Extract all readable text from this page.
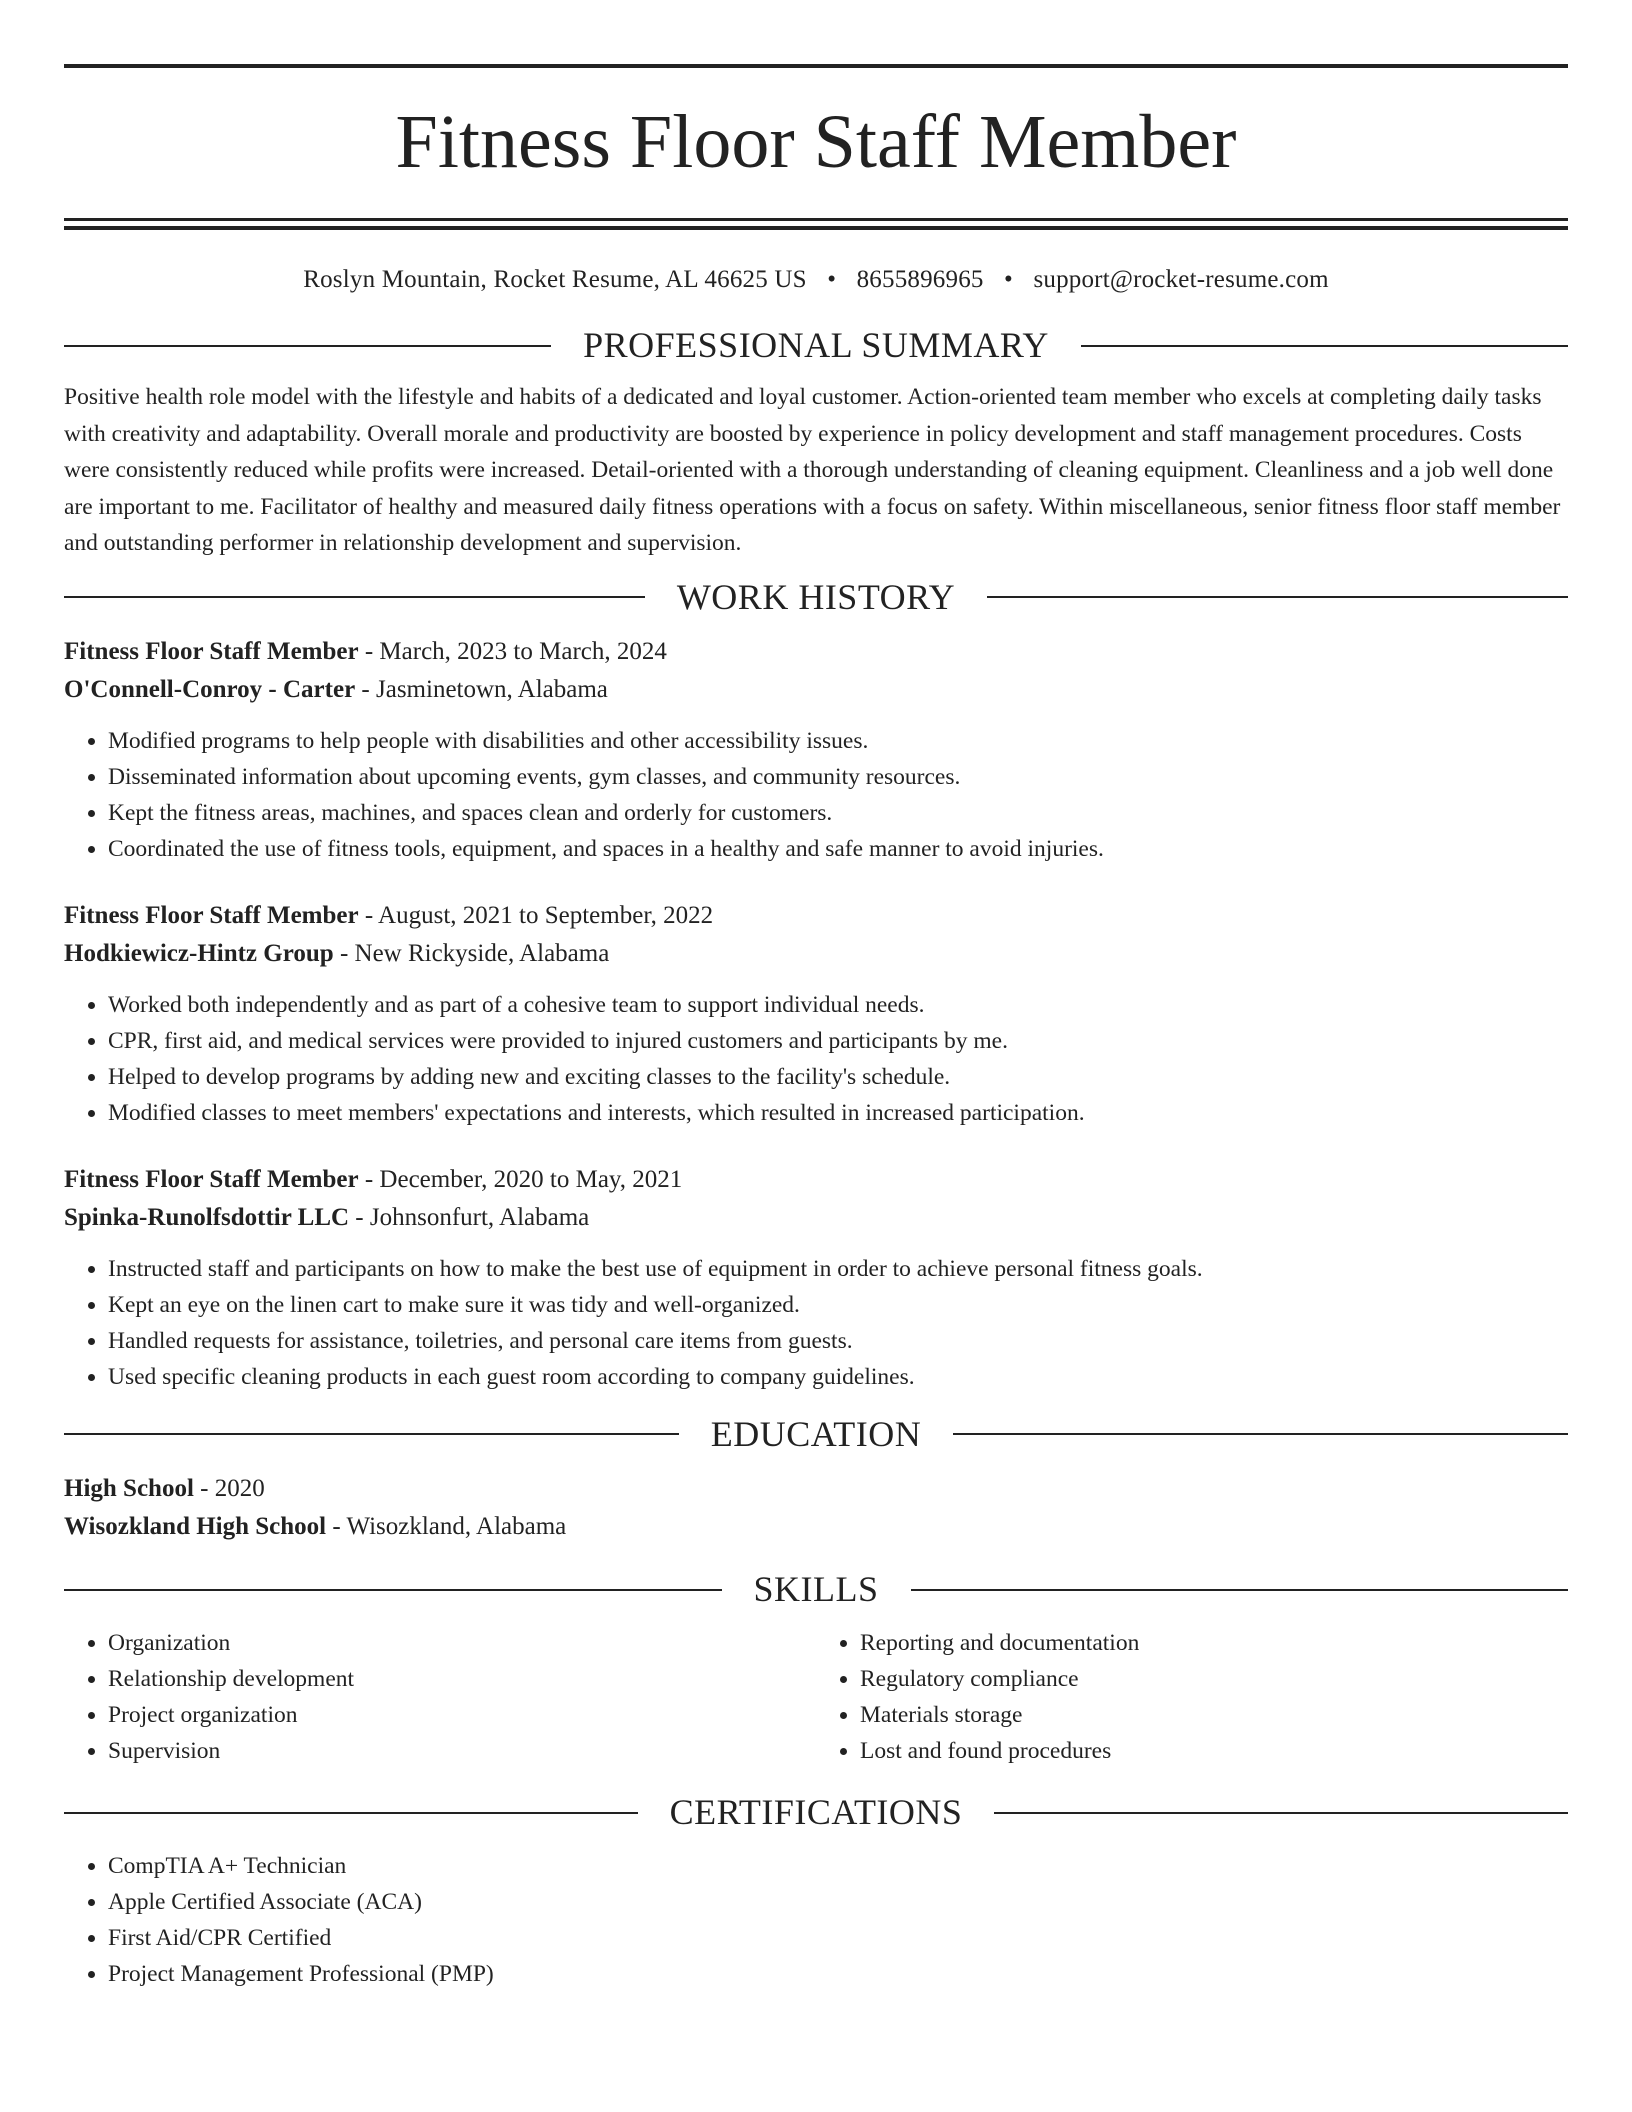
Fitness Floor Staff Member
Roslyn Mountain, Rocket Resume, AL 46625 US • 8655896965 • support@rocket-resume.com
PROFESSIONAL SUMMARY

Positive health role model with the lifestyle and habits of a dedicated and loyal customer. Action-oriented team member who excels at completing daily tasks with creativity and adaptability. Overall morale and productivity are boosted by experience in policy development and staff management procedures. Costs were consistently reduced while profits were increased. Detail-oriented with a thorough understanding of cleaning equipment. Cleanliness and a job well done are important to me. Facilitator of healthy and measured daily fitness operations with a focus on safety. Within miscellaneous, senior fitness floor staff member and outstanding performer in relationship development and supervision.

WORK HISTORY
Fitness Floor Staff Member - March, 2023 to March, 2024
O'Connell-Conroy - Carter - Jasminetown, Alabama
• Modified programs to help people with disabilities and other accessibility issues.
• Disseminated information about upcoming events, gym classes, and community resources.
• Kept the fitness areas, machines, and spaces clean and orderly for customers.
• Coordinated the use of fitness tools, equipment, and spaces in a healthy and safe manner to avoid injuries.
Fitness Floor Staff Member - August, 2021 to September, 2022
Hodkiewicz-Hintz Group - New Rickyside, Alabama
• Worked both independently and as part of a cohesive team to support individual needs.
• CPR, first aid, and medical services were provided to injured customers and participants by me.
• Helped to develop programs by adding new and exciting classes to the facility's schedule.
• Modified classes to meet members' expectations and interests, which resulted in increased participation.
Fitness Floor Staff Member - December, 2020 to May, 2021
Spinka-Runolfsdottir LLC - Johnsonfurt, Alabama
• Instructed staff and participants on how to make the best use of equipment in order to achieve personal fitness goals.
• Kept an eye on the linen cart to make sure it was tidy and well-organized.
• Handled requests for assistance, toiletries, and personal care items from guests.
• Used specific cleaning products in each guest room according to company guidelines.
EDUCATION
High School - 2020
Wisozkland High School - Wisozkland, Alabama
SKILLS
• Organization
• Relationship development
• Project organization
• Supervision
• Reporting and documentation
• Regulatory compliance
• Materials storage
• Lost and found procedures
CERTIFICATIONS
• CompTIA A+ Technician
• Apple Certified Associate (ACA)
• First Aid/CPR Certified
• Project Management Professional (PMP)
